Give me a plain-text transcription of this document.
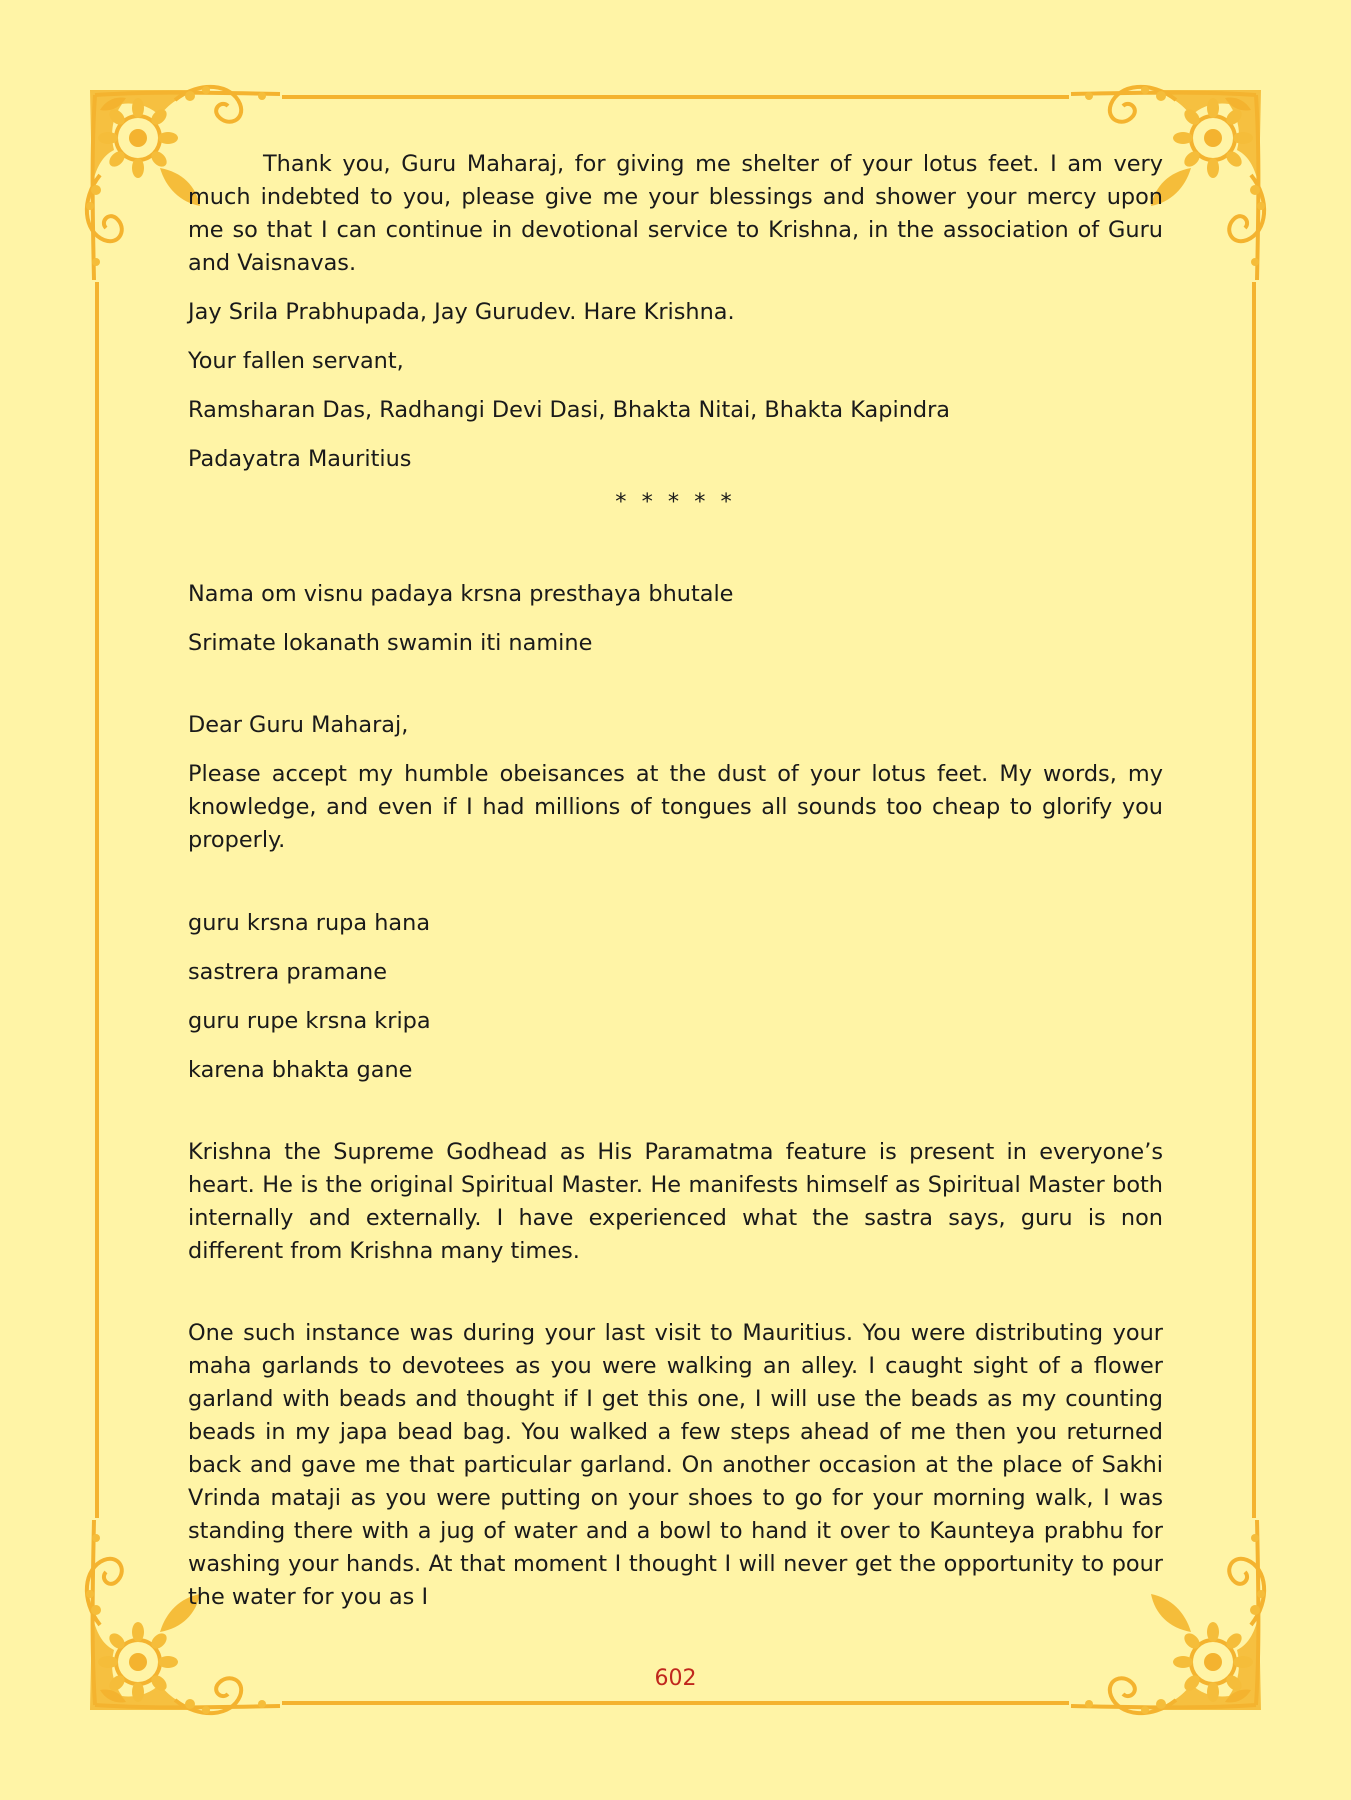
Thank you, Guru Maharaj, for giving me shelter of your lotus feet. I am very much indebted to you, please give me your blessings and shower your mercy upon me so that I can continue in devotional service to Krishna, in the association of Guru and Vaisnavas.

Jay Srila Prabhupada, Jay Gurudev. Hare Krishna.

Your fallen servant,

Ramsharan Das, Radhangi Devi Dasi, Bhakta Nitai, Bhakta Kapindra

Padayatra Mauritius

* * * * *

Nama om visnu padaya krsna presthaya bhutale

Srimate lokanath swamin iti namine

Dear Guru Maharaj,

Please accept my humble obeisances at the dust of your lotus feet. My words, my knowledge, and even if I had millions of tongues all sounds too cheap to glorify you properly.

guru krsna rupa hana

sastrera pramane

guru rupe krsna kripa

karena bhakta gane

Krishna the Supreme Godhead as His Paramatma feature is present in everyone’s heart. He is the original Spiritual Master. He manifests himself as Spiritual Master both internally and externally. I have experienced what the sastra says, guru is non different from Krishna many times.

One such instance was during your last visit to Mauritius. You were distributing your maha garlands to devotees as you were walking an alley. I caught sight of a flower garland with beads and thought if I get this one, I will use the beads as my counting beads in my japa bead bag. You walked a few steps ahead of me then you returned back and gave me that particular garland. On another occasion at the place of Sakhi Vrinda mataji as you were putting on your shoes to go for your morning walk, I was standing there with a jug of water and a bowl to hand it over to Kaunteya prabhu for washing your hands. At that moment I thought I will never get the opportunity to pour the water for you as I

602
